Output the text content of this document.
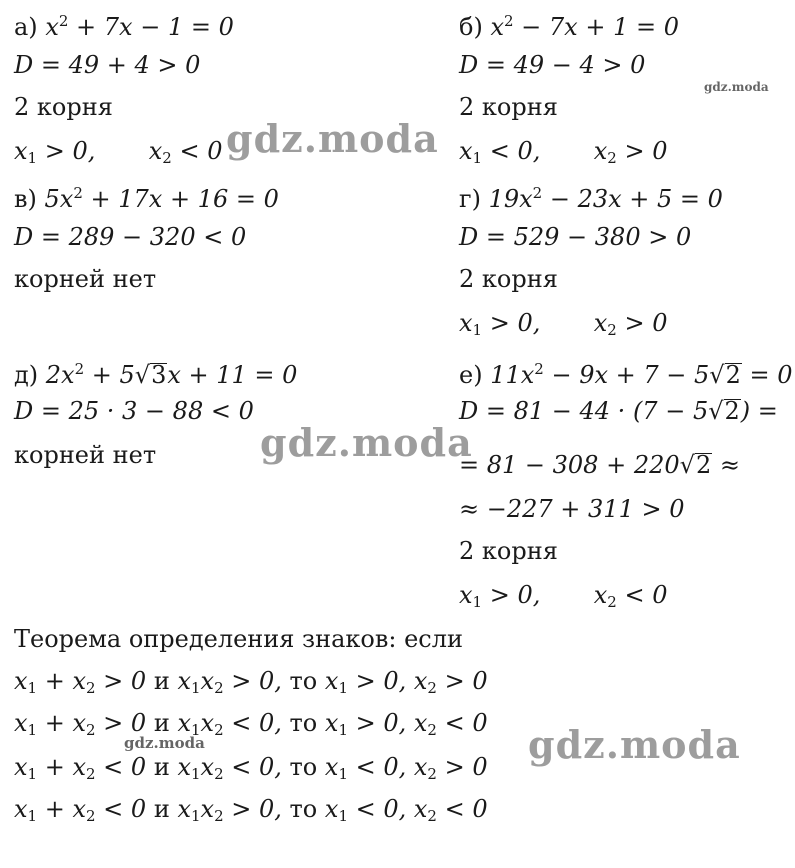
а) $x^2 + 7x - 1 = 0$
D = 49 + 4 > 0
2 корня
$x_1 > 0$,       $x_2 < 0$
в) $5x^2 + 17x + 16 = 0$
D = 289 − 320 < 0
корней нет
д) $2x^2 + 5√3x + 11 = 0$
D = 25 · 3 − 88 < 0
корней нет
б) $x^2 - 7x + 1 = 0$
D = 49 − 4 > 0
2 корня
$x_1 < 0$,       $x_2 > 0$
г) $19x^2 - 23x + 5 = 0$
D = 529 − 380 > 0
2 корня
$x_1 > 0$,       $x_2 > 0$
е) $11x^2 - 9x + 7 - 5√2 = 0$
D = 81 − 44 · (7 − 5√2) =
= 81 − 308 + 220√2 ≈
≈ −227 + 311 > 0
2 корня
$x_1 > 0$,       $x_2 < 0$
Теорема определения знаков: если
$x_1 + x_2 > 0$ и $x_1x_2 > 0$, то $x_1 > 0$, $x_2 > 0$
$x_1 + x_2 > 0$ и $x_1x_2 < 0$, то $x_1 > 0$, $x_2 < 0$
$x_1 + x_2 < 0$ и $x_1x_2 < 0$, то $x_1 < 0$, $x_2 > 0$
$x_1 + x_2 < 0$ и $x_1x_2 > 0$, то $x_1 < 0$, $x_2 < 0$
gdz.moda
gdz.moda
gdz.moda
gdz.moda
gdz.moda
